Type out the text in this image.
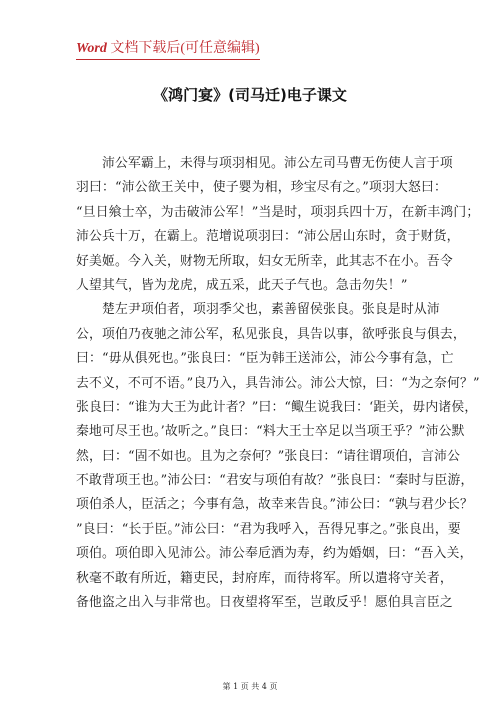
Word 文档下载后(可任意编辑)
《鸿门宴》(司马迁)电子课文
沛公军霸上，未得与项羽相见。沛公左司马曹无伤使人言于项
羽曰：“沛公欲王关中，使子婴为相，珍宝尽有之。”项羽大怒曰：
“旦日飨士卒，为击破沛公军！”当是时，项羽兵四十万，在新丰鸿门；
沛公兵十万，在霸上。范增说项羽曰：“沛公居山东时，贪于财货，
好美姬。今入关，财物无所取，妇女无所幸，此其志不在小。吾令
人望其气，皆为龙虎，成五采，此天子气也。急击勿失！”
楚左尹项伯者，项羽季父也，素善留侯张良。张良是时从沛
公，项伯乃夜驰之沛公军，私见张良，具告以事，欲呼张良与俱去，
曰：“毋从俱死也。”张良曰：“臣为韩王送沛公，沛公今事有急，亡
去不义，不可不语。”良乃入，具告沛公。沛公大惊，曰：“为之奈何？”
张良曰：“谁为大王为此计者？”曰：“鲰生说我曰：‘距关，毋内诸侯，
秦地可尽王也。’故听之。”良曰：“料大王士卒足以当项王乎？”沛公默
然，曰：“固不如也。且为之奈何？”张良曰：“请往谓项伯，言沛公
不敢背项王也。”沛公曰：“君安与项伯有故？”张良曰：“秦时与臣游，
项伯杀人，臣活之；今事有急，故幸来告良。”沛公曰：“孰与君少长？
”良曰：“长于臣。”沛公曰：“君为我呼入，吾得兄事之。”张良出，要
项伯。项伯即入见沛公。沛公奉卮酒为寿，约为婚姻，曰：“吾入关，
秋毫不敢有所近，籍吏民，封府库，而待将军。所以遣将守关者，
备他盗之出入与非常也。日夜望将军至，岂敢反乎！愿伯具言臣之
第 1 页 共 4 页
